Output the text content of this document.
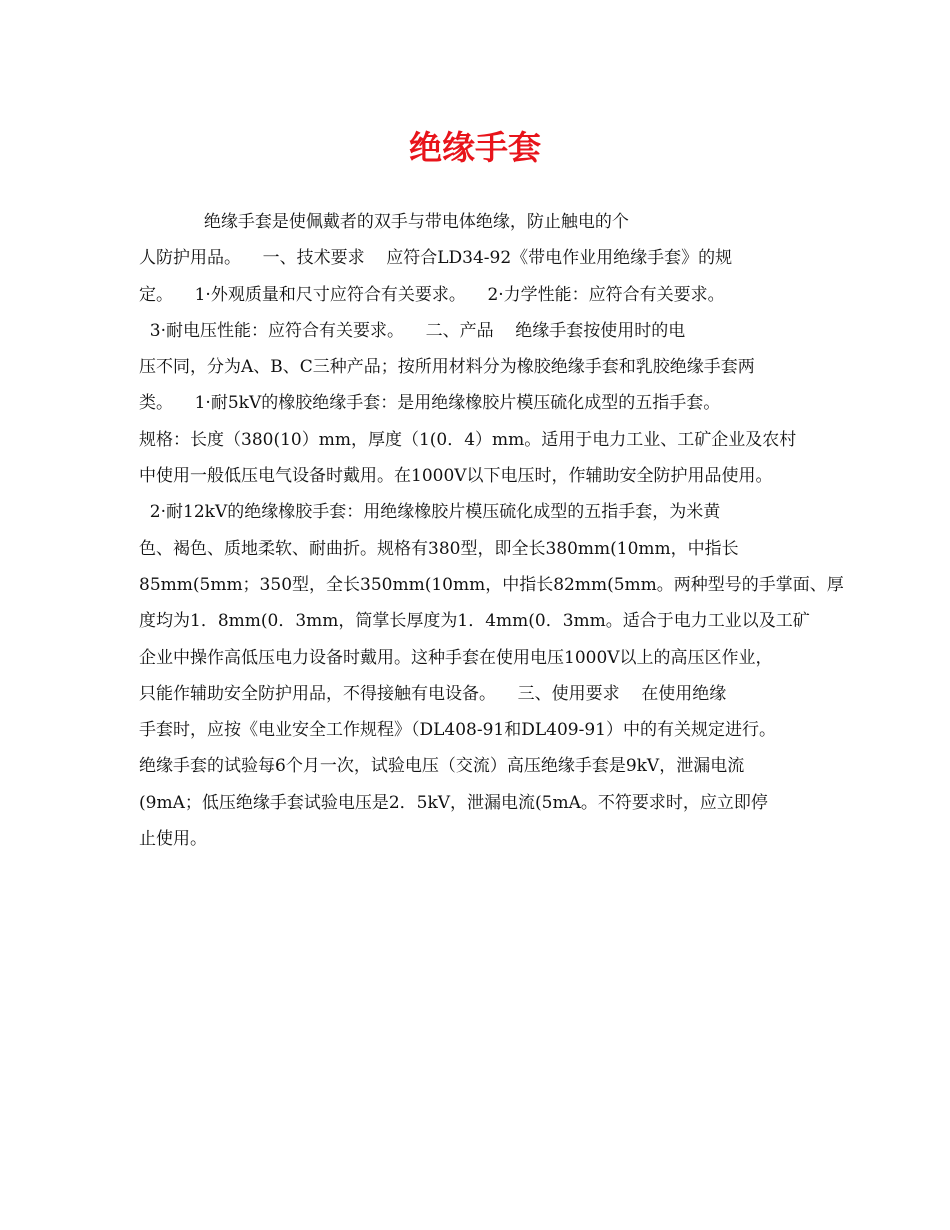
绝缘手套
绝缘手套是使佩戴者的双手与带电体绝缘，防止触电的个
人防护用品。    一、技术要求    应符合LD34-92《带电作业用绝缘手套》的规
定。    1·外观质量和尺寸应符合有关要求。    2·力学性能：应符合有关要求。
3·耐电压性能：应符合有关要求。    二、产品    绝缘手套按使用时的电
压不同，分为A、B、C三种产品；按所用材料分为橡胶绝缘手套和乳胶绝缘手套两
类。    1·耐5kV的橡胶绝缘手套：是用绝缘橡胶片模压硫化成型的五指手套。
规格：长度（380(10）mm，厚度（1(0．4）mm。适用于电力工业、工矿企业及农村
中使用一般低压电气设备时戴用。在1000V以下电压时，作辅助安全防护用品使用。
2·耐12kV的绝缘橡胶手套：用绝缘橡胶片模压硫化成型的五指手套，为米黄
色、褐色、质地柔软、耐曲折。规格有380型，即全长380mm(10mm，中指长
85mm(5mm；350型，全长350mm(10mm，中指长82mm(5mm。两种型号的手掌面、厚
度均为1．8mm(0．3mm，筒掌长厚度为1．4mm(0．3mm。适合于电力工业以及工矿
企业中操作高低压电力设备时戴用。这种手套在使用电压1000V以上的高压区作业，
只能作辅助安全防护用品，不得接触有电设备。    三、使用要求    在使用绝缘
手套时，应按《电业安全工作规程》（DL408-91和DL409-91）中的有关规定进行。
绝缘手套的试验每6个月一次，试验电压（交流）高压绝缘手套是9kV，泄漏电流
(9mA；低压绝缘手套试验电压是2．5kV，泄漏电流(5mA。不符要求时，应立即停
止使用。
